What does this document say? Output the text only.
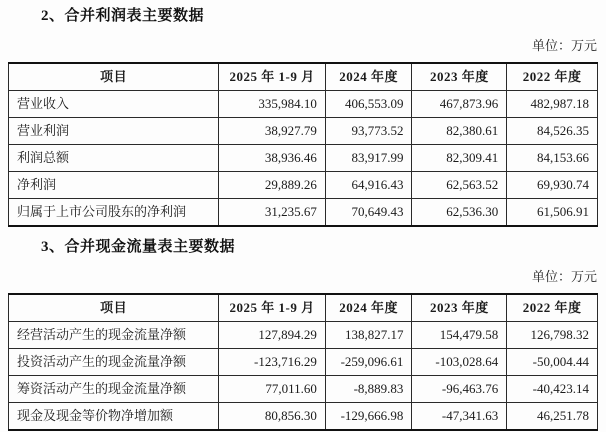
2、合并利润表主要数据
单位：万元
项目	2025 年 1-9 月	2024 年度	2023 年度	2022 年度
营业收入	335,984.10	406,553.09	467,873.96	482,987.18
营业利润	38,927.79	93,773.52	82,380.61	84,526.35
利润总额	38,936.46	83,917.99	82,309.41	84,153.66
净利润	29,889.26	64,916.43	62,563.52	69,930.74
归属于上市公司股东的净利润	31,235.67	70,649.43	62,536.30	61,506.91
3、合并现金流量表主要数据
单位：万元
项目	2025 年 1-9 月	2024 年度	2023 年度	2022 年度
经营活动产生的现金流量净额	127,894.29	138,827.17	154,479.58	126,798.32
投资活动产生的现金流量净额	-123,716.29	-259,096.61	-103,028.64	-50,004.44
筹资活动产生的现金流量净额	77,011.60	-8,889.83	-96,463.76	-40,423.14
现金及现金等价物净增加额	80,856.30	-129,666.98	-47,341.63	46,251.78
